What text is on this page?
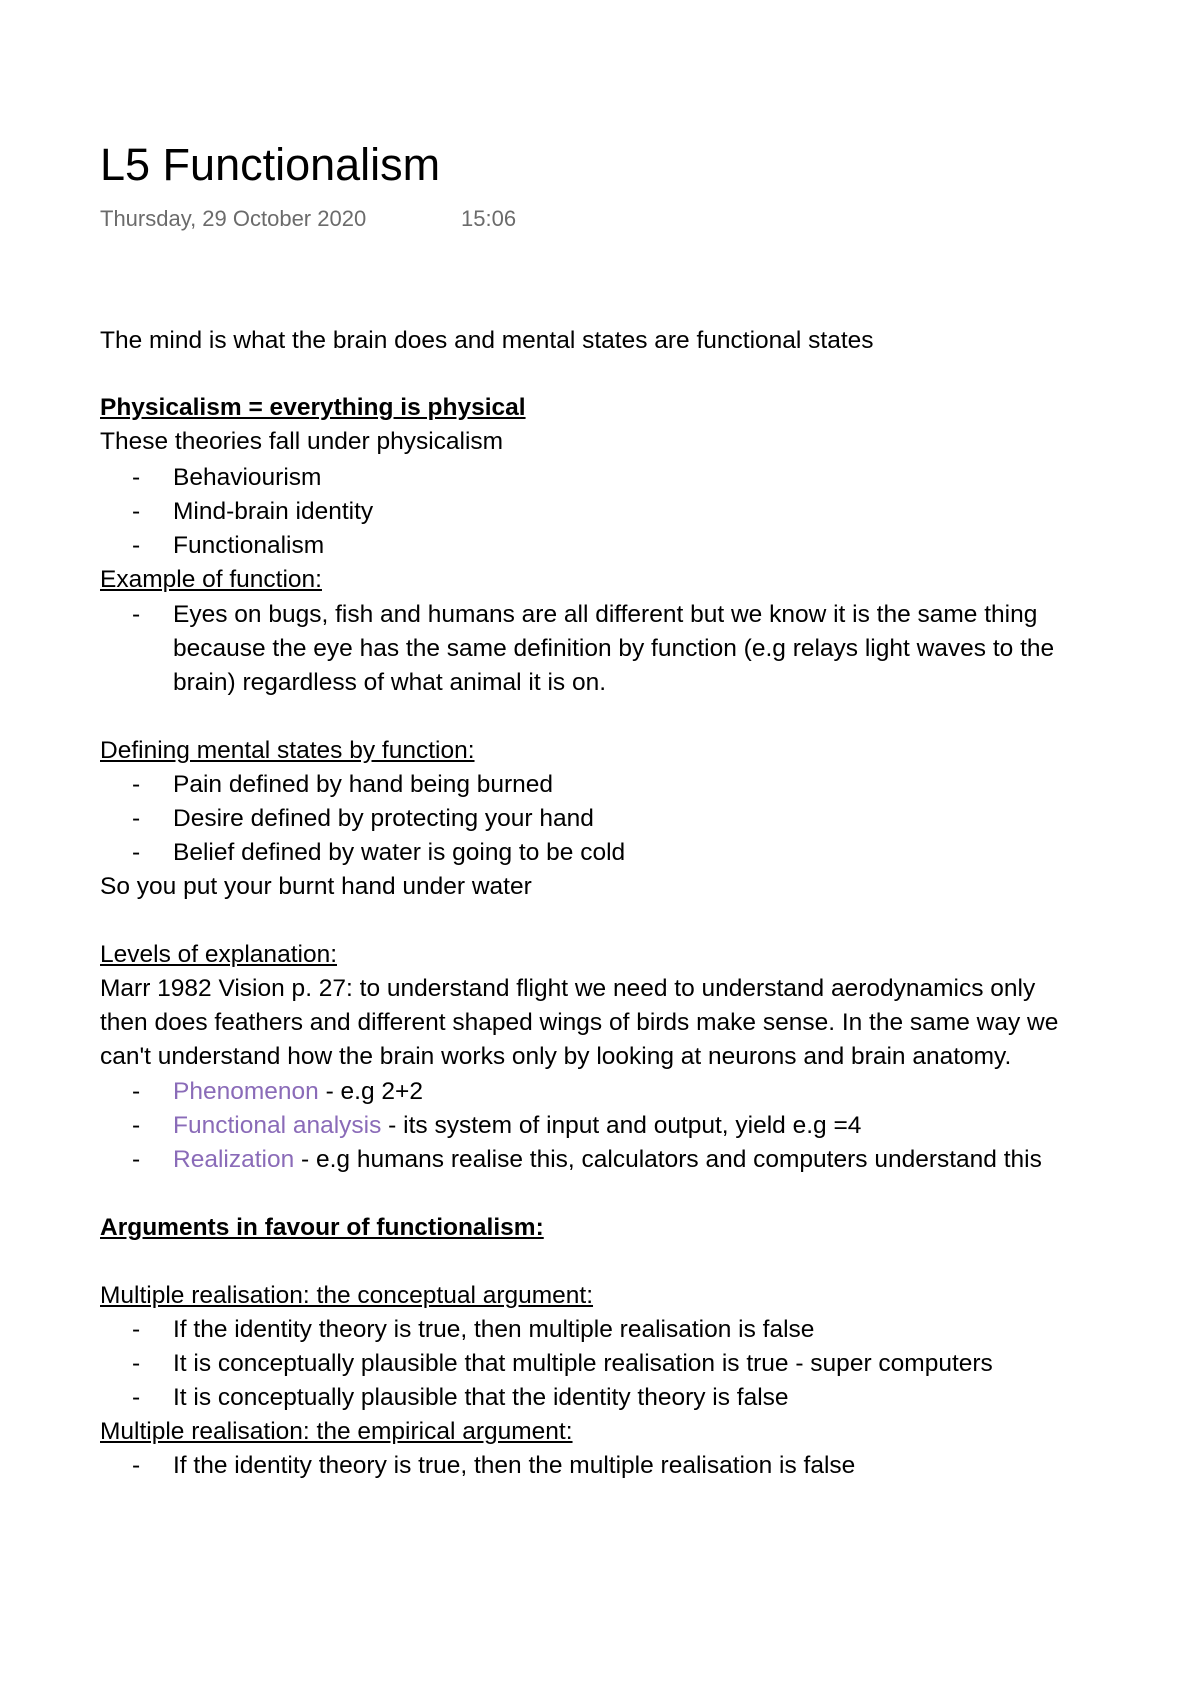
L5 Functionalism
Thursday, 29 October 2020	15:06
The mind is what the brain does and mental states are functional states
Physicalism = everything is physical
These theories fall under physicalism
-	Behaviourism
-	Mind-brain identity
-	Functionalism
Example of function:
-	Eyes on bugs, fish and humans are all different but we know it is the same thing
because the eye has the same definition by function (e.g relays light waves to the
brain) regardless of what animal it is on.
Defining mental states by function:
-	Pain defined by hand being burned
-	Desire defined by protecting your hand
-	Belief defined by water is going to be cold
So you put your burnt hand under water
Levels of explanation:
Marr 1982 Vision p. 27: to understand flight we need to understand aerodynamics only
then does feathers and different shaped wings of birds make sense. In the same way we
can't understand how the brain works only by looking at neurons and brain anatomy.
-	Phenomenon - e.g 2+2
-	Functional analysis - its system of input and output, yield e.g =4
-	Realization - e.g humans realise this, calculators and computers understand this
Arguments in favour of functionalism:
Multiple realisation: the conceptual argument:
-	If the identity theory is true, then multiple realisation is false
-	It is conceptually plausible that multiple realisation is true - super computers
-	It is conceptually plausible that the identity theory is false
Multiple realisation: the empirical argument:
-	If the identity theory is true, then the multiple realisation is false
